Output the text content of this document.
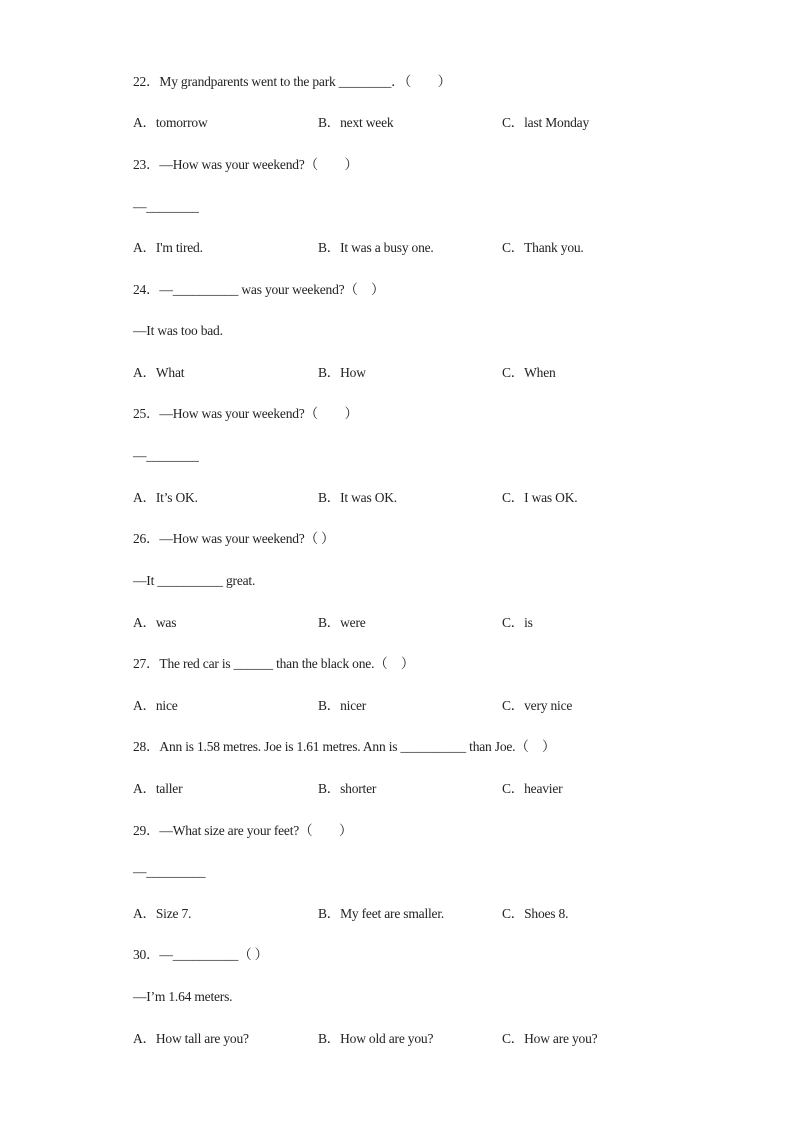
22．My grandparents went to the park ________．（　　）
A．tomorrow	B．next week	C．last Monday
23．—How was your weekend?（　　）
—________
A．I'm tired.	B．It was a busy one.	C．Thank you.
24．—__________ was your weekend?（　）
—It was too bad.
A．What	B．How	C．When
25．—How was your weekend?（　　）
—________
A．It’s OK.	B．It was OK.	C．I was OK.
26．—How was your weekend?（ ）
—It __________ great.
A．was	B．were	C．is
27．The red car is ______ than the black one.（　）
A．nice	B．nicer	C．very nice
28．Ann is 1.58 metres. Joe is 1.61 metres. Ann is __________ than Joe.（　）
A．taller	B．shorter	C．heavier
29．—What size are your feet?（　　）
—_________
A．Size 7.	B．My feet are smaller.	C．Shoes 8.
30．—__________（ ）
—I’m 1.64 meters.
A．How tall are you?	B．How old are you?	C．How are you?
